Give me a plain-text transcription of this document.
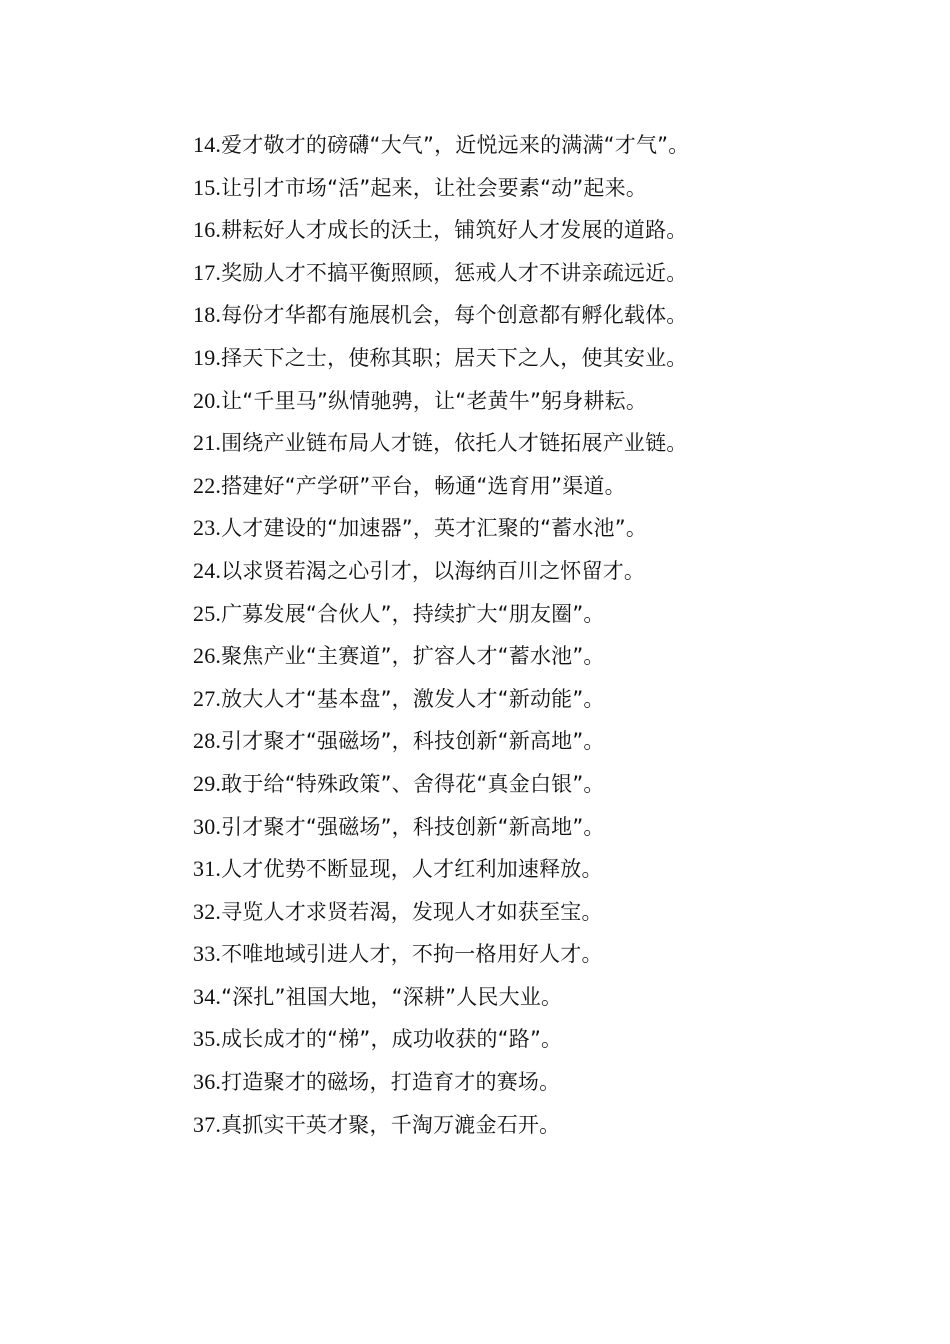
14. 爱才敬才的磅礴“大气”，近悦远来的满满“才气”。
15. 让引才市场“活”起来，让社会要素“动”起来。
16. 耕耘好人才成长的沃土，铺筑好人才发展的道路。
17. 奖励人才不搞平衡照顾，惩戒人才不讲亲疏远近。
18. 每份才华都有施展机会，每个创意都有孵化载体。
19. 择天下之士，使称其职；居天下之人，使其安业。
20. 让“千里马”纵情驰骋，让“老黄牛”躬身耕耘。
21. 围绕产业链布局人才链，依托人才链拓展产业链。
22. 搭建好“产学研”平台，畅通“选育用”渠道。
23. 人才建设的“加速器”，英才汇聚的“蓄水池”。
24. 以求贤若渴之心引才，以海纳百川之怀留才。
25. 广募发展“合伙人”，持续扩大“朋友圈”。
26. 聚焦产业“主赛道”，扩容人才“蓄水池”。
27. 放大人才“基本盘”，激发人才“新动能”。
28. 引才聚才“强磁场”，科技创新“新高地”。
29. 敢于给“特殊政策”、舍得花“真金白银”。
30. 引才聚才“强磁场”，科技创新“新高地”。
31. 人才优势不断显现，人才红利加速释放。
32. 寻览人才求贤若渴，发现人才如获至宝。
33. 不唯地域引进人才，不拘一格用好人才。
34. “深扎”祖国大地，“深耕”人民大业。
35. 成长成才的“梯”，成功收获的“路”。
36. 打造聚才的磁场，打造育才的赛场。
37. 真抓实干英才聚，千淘万漉金石开。
